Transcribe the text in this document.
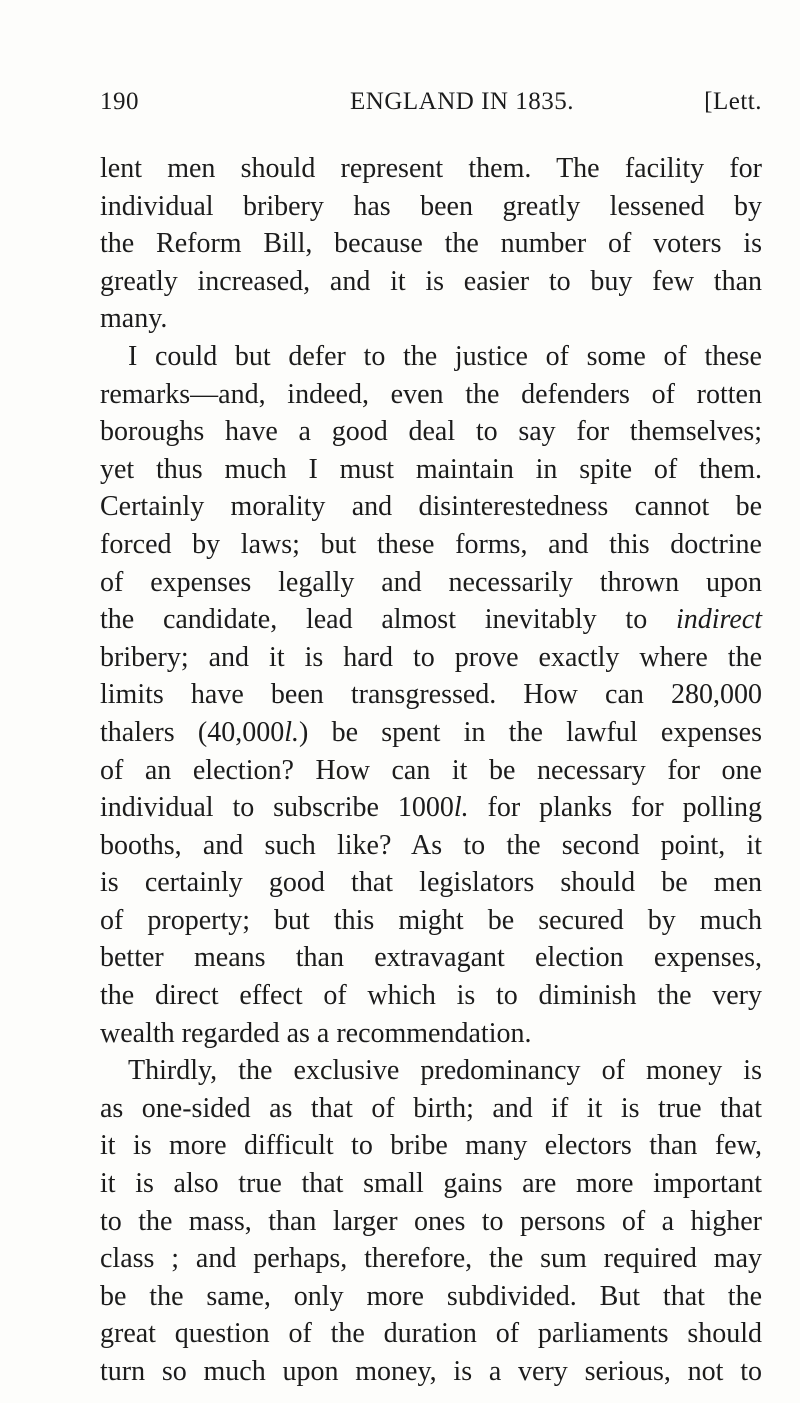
190	ENGLAND IN 1835.	[Lett.
lent men should represent them. The facility for
individual bribery has been greatly lessened by
the Reform Bill, because the number of voters is
greatly increased, and it is easier to buy few than
many.
I could but defer to the justice of some of these
remarks—and, indeed, even the defenders of rotten
boroughs have a good deal to say for themselves;
yet thus much I must maintain in spite of them.
Certainly morality and disinterestedness cannot be
forced by laws; but these forms, and this doctrine
of expenses legally and necessarily thrown upon
the candidate, lead almost inevitably to indirect
bribery; and it is hard to prove exactly where the
limits have been transgressed. How can 280,000
thalers (40,000l.) be spent in the lawful expenses
of an election? How can it be necessary for one
individual to subscribe 1000l. for planks for polling
booths, and such like? As to the second point, it
is certainly good that legislators should be men
of property; but this might be secured by much
better means than extravagant election expenses,
the direct effect of which is to diminish the very
wealth regarded as a recommendation.
Thirdly, the exclusive predominancy of money is
as one-sided as that of birth; and if it is true that
it is more difficult to bribe many electors than few,
it is also true that small gains are more important
to the mass, than larger ones to persons of a higher
class ; and perhaps, therefore, the sum required may
be the same, only more subdivided. But that the
great question of the duration of parliaments should
turn so much upon money, is a very serious, not to
